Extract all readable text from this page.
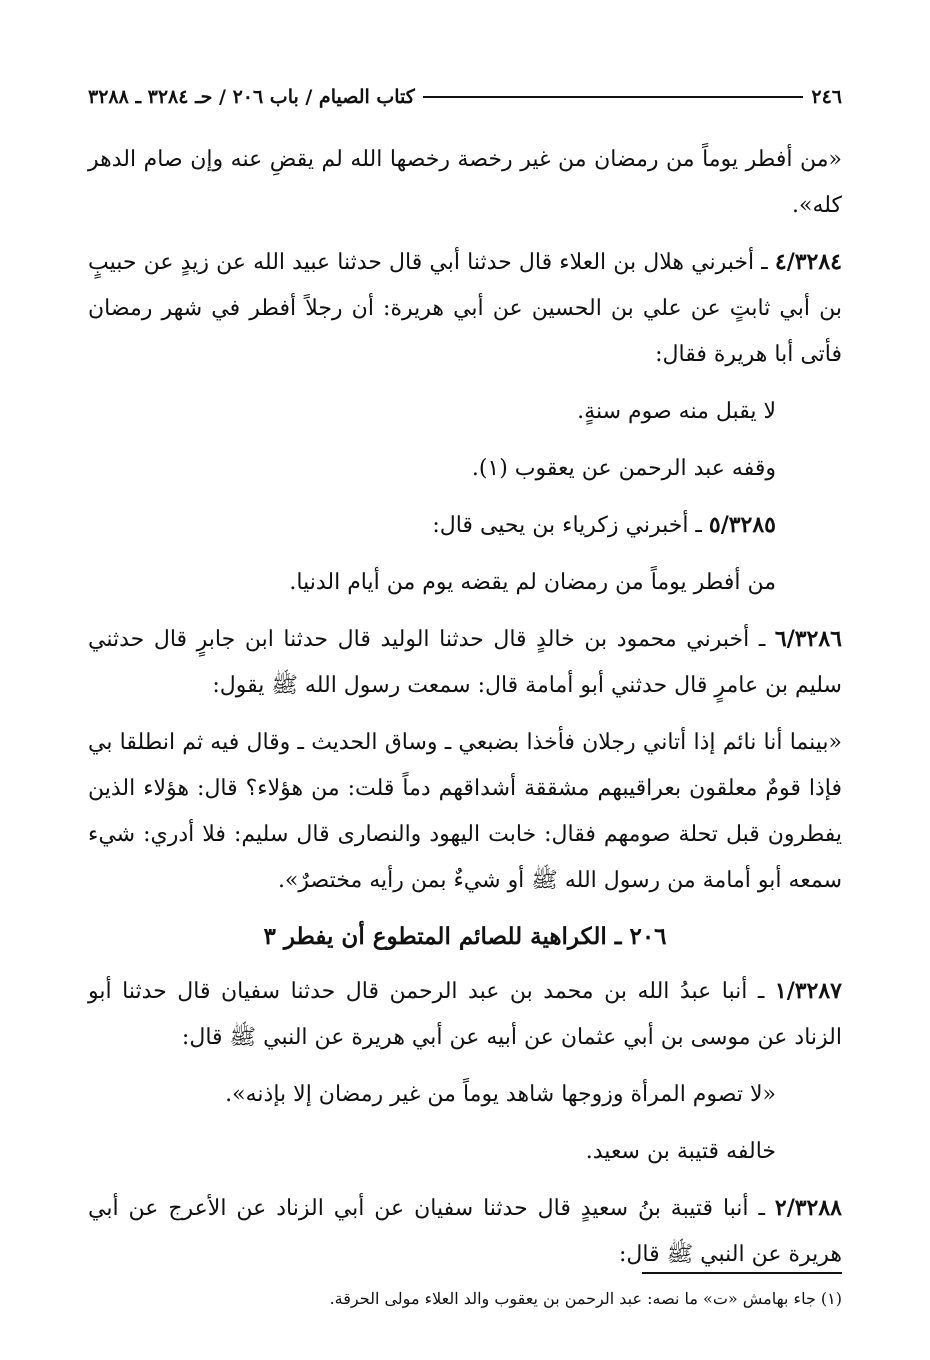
٢٤٦
كتاب الصيام / باب ٢٠٦ / حـ ٣٢٨٤ ـ ٣٢٨٨

«من أفطر يوماً من رمضان من غير رخصة رخصها الله لم يقضِ عنه وإن صام الدهر كله».

٤/٣٢٨٤ ـ أخبرني هلال بن العلاء قال حدثنا أبي قال حدثنا عبيد الله عن زيدٍ عن حبيبٍ بن أبي ثابتٍ عن علي بن الحسين عن أبي هريرة: أن رجلاً أفطر في شهر رمضان فأتى أبا هريرة فقال:

لا يقبل منه صوم سنةٍ.

وقفه عبد الرحمن عن يعقوب (١).

٥/٣٢٨٥ ـ أخبرني زكرياء بن يحيى قال:

من أفطر يوماً من رمضان لم يقضه يوم من أيام الدنيا.

٦/٣٢٨٦ ـ أخبرني محمود بن خالدٍ قال حدثنا الوليد قال حدثنا ابن جابرٍ قال حدثني سليم بن عامرٍ قال حدثني أبو أمامة قال: سمعت رسول الله ﷺ يقول:

«بينما أنا نائم إذا أتاني رجلان فأخذا بضبعي ـ وساق الحديث ـ وقال فيه ثم انطلقا بي فإذا قومٌ معلقون بعراقيبهم مشققة أشداقهم دماً قلت: من هؤلاء؟ قال: هؤلاء الذين يفطرون قبل تحلة صومهم فقال: خابت اليهود والنصارى قال سليم: فلا أدري: شيء سمعه أبو أمامة من رسول الله ﷺ أو شيءٌ بمن رأيه مختصرٌ».

٢٠٦ ـ الكراهية للصائم المتطوع أن يفطر ٣

١/٣٢٨٧ ـ أنبا عبدُ الله بن محمد بن عبد الرحمن قال حدثنا سفيان قال حدثنا أبو الزناد عن موسى بن أبي عثمان عن أبيه عن أبي هريرة عن النبي ﷺ قال:

«لا تصوم المرأة وزوجها شاهد يوماً من غير رمضان إلا بإذنه».

خالفه قتيبة بن سعيد.

٢/٣٢٨٨ ـ أنبا قتيبة بنُ سعيدٍ قال حدثنا سفيان عن أبي الزناد عن الأعرج عن أبي هريرة عن النبي ﷺ قال:

(١) جاء بهامش «ت» ما نصه: عبد الرحمن بن يعقوب والد العلاء مولى الحرقة.
